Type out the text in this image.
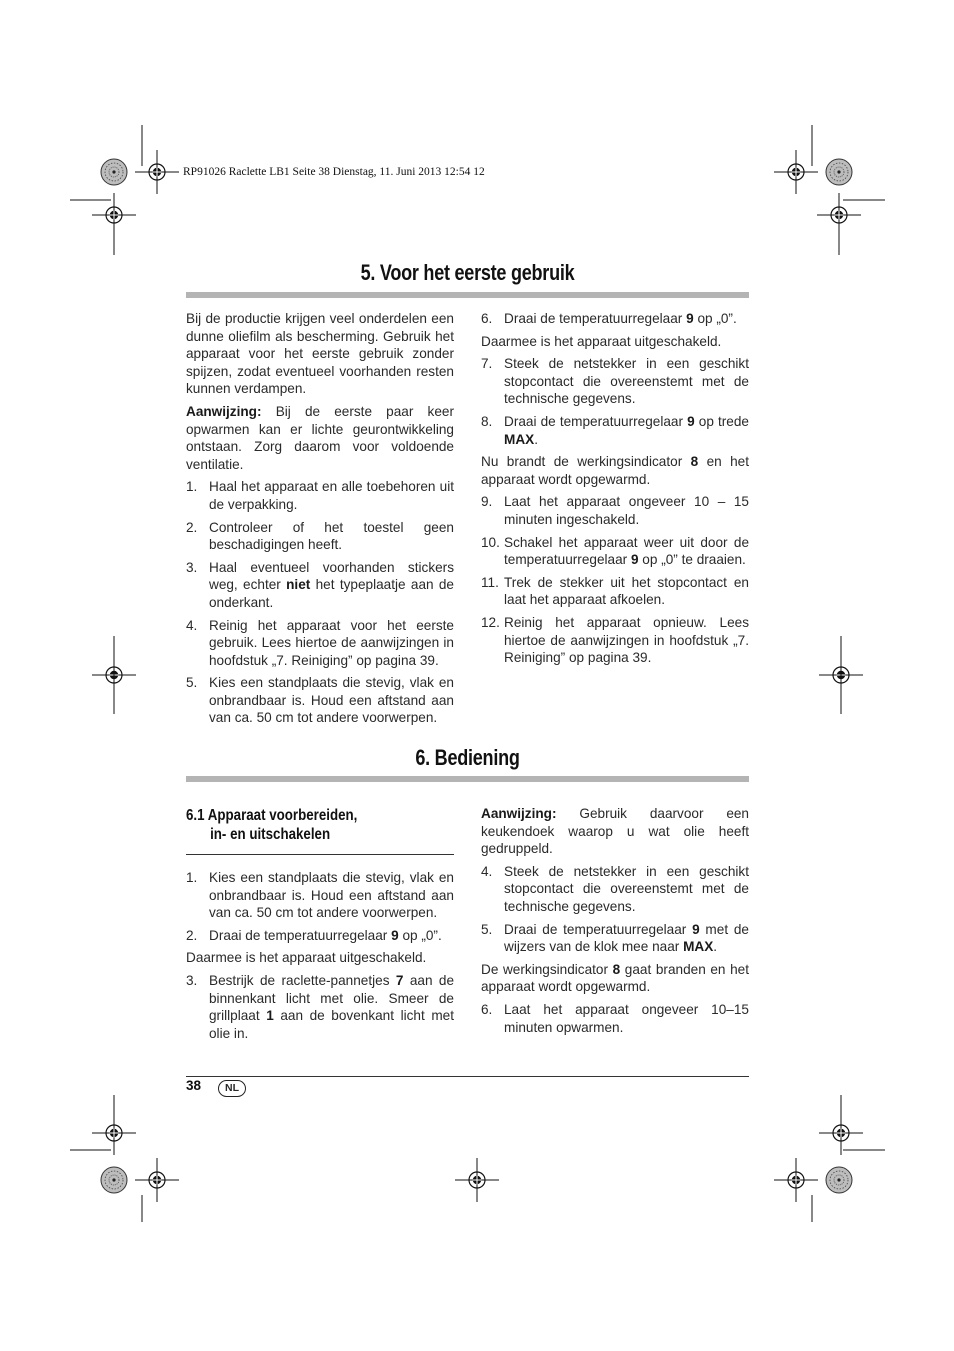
RP91026 Raclette LB1 Seite 38 Dienstag, 11. Juni 2013 12:54 12
5. Voor het eerste gebruik

Bij de productie krijgen veel onderdelen een dunne oliefilm als bescherming. Gebruik het apparaat voor het eerste gebruik zonder spijzen, zodat eventueel voorhanden resten kunnen verdampen.

Aanwijzing: Bij de eerste paar keer opwarmen kan er lichte geurontwikkeling ontstaan. Zorg daarom voor voldoende ventilatie.

1. Haal het apparaat en alle toebehoren uit de verpakking.
2. Controleer of het toestel geen beschadigingen heeft.
3. Haal eventueel voorhanden stickers weg, echter niet het typeplaatje aan de onderkant.
4. Reinig het apparaat voor het eerste gebruik. Lees hiertoe de aanwijzingen in hoofdstuk „7. Reiniging” op pagina 39.
5. Kies een standplaats die stevig, vlak en onbrandbaar is. Houd een aftstand aan van ca. 50 cm tot andere voorwerpen.
6. Draai de temperatuurregelaar 9 op „0”.

Daarmee is het apparaat uitgeschakeld.

7. Steek de netstekker in een geschikt stopcontact die overeenstemt met de technische gegevens.
8. Draai de temperatuurregelaar 9 op trede MAX.

Nu brandt de werkingsindicator 8 en het apparaat wordt opgewarmd.

9. Laat het apparaat ongeveer 10 – 15 minuten ingeschakeld.
10. Schakel het apparaat weer uit door de temperatuurregelaar 9 op „0” te draaien.
11. Trek de stekker uit het stopcontact en laat het apparaat afkoelen.
12. Reinig het apparaat opnieuw. Lees hiertoe de aanwijzingen in hoofdstuk „7. Reiniging” op pagina 39.
6. Bediening
6.1 Apparaat voorbereiden,
in- en uitschakelen
1. Kies een standplaats die stevig, vlak en onbrandbaar is. Houd een aftstand aan van ca. 50 cm tot andere voorwerpen.
2. Draai de temperatuurregelaar 9 op „0”.

Daarmee is het apparaat uitgeschakeld.

3. Bestrijk de raclette-pannetjes 7 aan de binnenkant licht met olie. Smeer de grillplaat 1 aan de bovenkant licht met olie in.

Aanwijzing: Gebruik daarvoor een keukendoek waarop u wat olie heeft gedruppeld.

4. Steek de netstekker in een geschikt stopcontact die overeenstemt met de technische gegevens.
5. Draai de temperatuurregelaar 9 met de wijzers van de klok mee naar MAX.

De werkingsindicator 8 gaat branden en het apparaat wordt opgewarmd.

6. Laat het apparaat ongeveer 10–15 minuten opwarmen.
38	NL
